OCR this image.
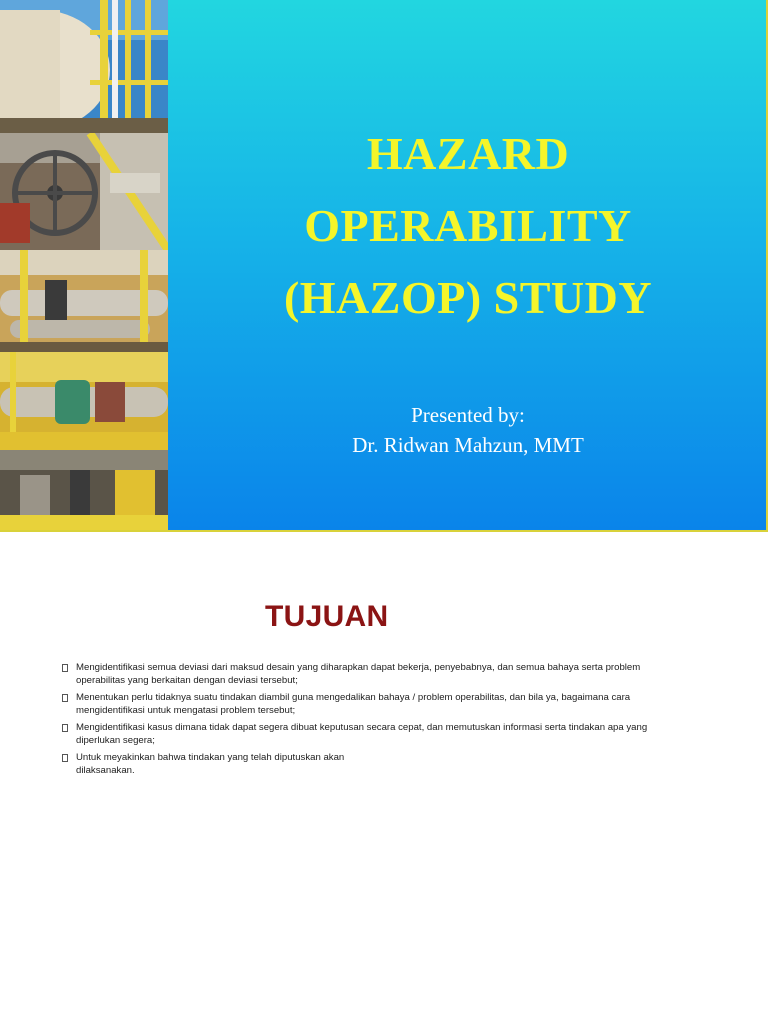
HAZARD
OPERABILITY
(HAZOP) STUDY
Presented by:
Dr. Ridwan Mahzun, MMT
TUJUAN
Mengidentifikasi semua deviasi dari maksud desain yang diharapkan dapat bekerja, penyebabnya, dan semua bahaya serta problem
operabilitas yang berkaitan dengan deviasi tersebut;
Menentukan perlu tidaknya suatu tindakan diambil guna mengedalikan bahaya / problem operabilitas, dan bila ya, bagaimana cara
mengidentifikasi untuk mengatasi problem tersebut;
Mengidentifikasi kasus dimana tidak dapat segera dibuat keputusan secara cepat, dan memutuskan informasi serta tindakan apa yang
diperlukan segera;
Untuk meyakinkan bahwa tindakan yang telah diputuskan akan
dilaksanakan.
